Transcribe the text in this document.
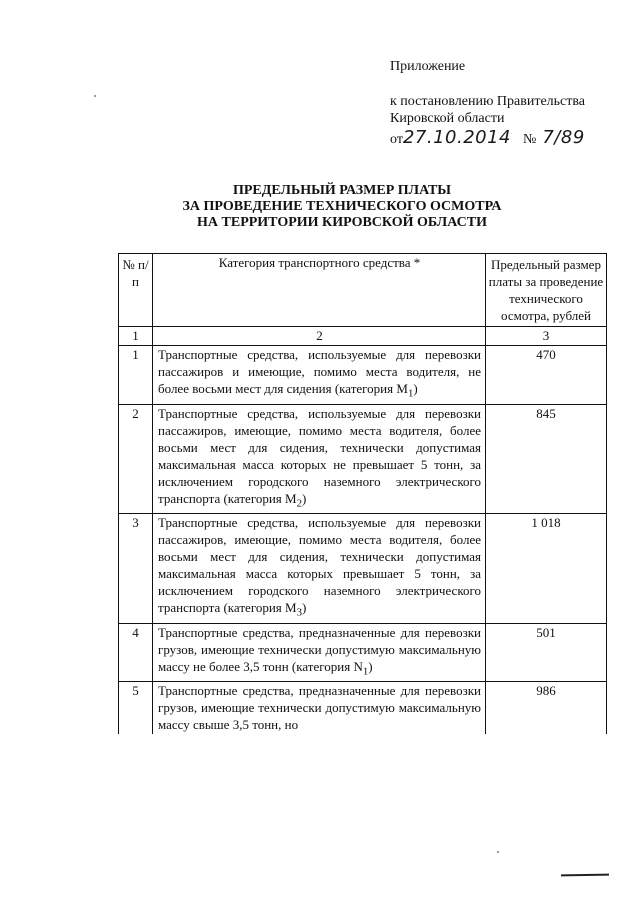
Приложение
к постановлению Правительства
Кировской области
от27.10.2014 № 7/89
ПРЕДЕЛЬНЫЙ РАЗМЕР ПЛАТЫ
ЗА ПРОВЕДЕНИЕ ТЕХНИЧЕСКОГО ОСМОТРА
НА ТЕРРИТОРИИ КИРОВСКОЙ ОБЛАСТИ
№ п/п	Категория транспортного средства *	Предельный размер платы за проведение технического осмотра, рублей
1	2	3
1	Транспортные средства, используемые для перевозки пассажиров и имеющие, помимо места водителя, не более восьми мест для сидения (категория $M_1$)	470
2	Транспортные средства, используемые для перевозки пассажиров, имеющие, помимо места водителя, более восьми мест для сидения, технически допустимая максимальная масса которых не превышает 5 тонн, за исключением городского наземного электрического транспорта (категория $M_2$)	845
3	Транспортные средства, используемые для перевозки пассажиров, имеющие, помимо места водителя, более восьми мест для сидения, технически допустимая максимальная масса которых превышает 5 тонн, за исключением городского наземного электрического транспорта (категория $M_3$)	1 018
4	Транспортные средства, предназначенные для перевозки грузов, имеющие технически допустимую максимальную массу не более 3,5 тонн (категория $N_1$)	501
5	Транспортные средства, предназначенные для перевозки грузов, имеющие технически допустимую максимальную массу свыше 3,5 тонн, но	986
